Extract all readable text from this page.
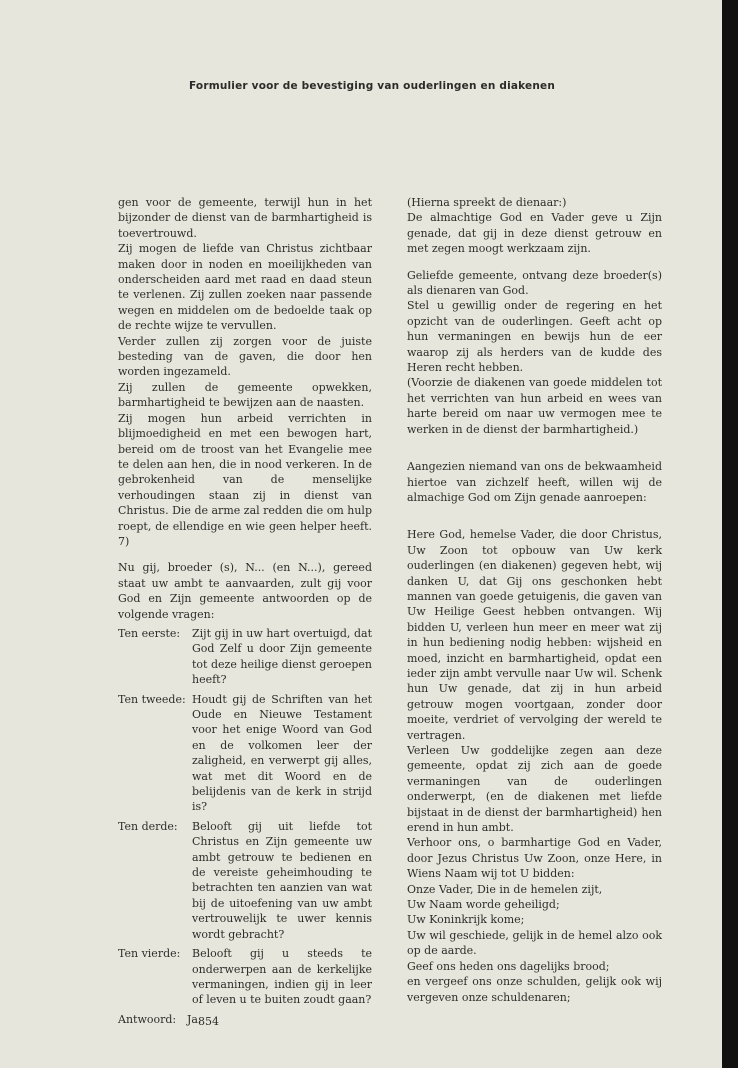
Formulier voor de bevestiging van ouderlingen en diakenen

gen voor de gemeente, terwijl hun in het bijzonder de dienst van de barmhartigheid is toevertrouwd.

Zij mogen de liefde van Christus zichtbaar maken door in noden en moeilijkheden van onderscheiden aard met raad en daad steun te verlenen. Zij zullen zoeken naar passende wegen en middelen om de bedoelde taak op de rechte wijze te vervullen.

Verder zullen zij zorgen voor de juiste besteding van de gaven, die door hen worden ingezameld.

Zij zullen de gemeente opwekken, barmhartigheid te bewijzen aan de naasten.

Zij mogen hun arbeid verrichten in blijmoedigheid en met een bewogen hart, bereid om de troost van het Evangelie mee te delen aan hen, die in nood verkeren. In de gebrokenheid van de menselijke verhoudingen staan zij in dienst van Christus. Die de arme zal redden die om hulp roept, de ellendige en wie geen helper heeft. 7)

Nu gij, broeder (s), N... (en N...), gereed staat uw ambt te aanvaarden, zult gij voor God en Zijn gemeente antwoorden op de volgende vragen:

Ten eerste:	Zijt gij in uw hart overtuigd, dat God Zelf u door Zijn gemeente tot deze heilige dienst geroepen heeft?
Ten tweede: Houdt gij de Schriften van het Oude en Nieuwe Testament voor het enige Woord van God en de volkomen leer der zaligheid, en verwerpt gij alles, wat met dit Woord en de belijdenis van de kerk in strijd is?
Ten derde:	Belooft gij uit liefde tot Christus en Zijn gemeente uw ambt getrouw te bedienen en de vereiste geheimhouding te betrachten ten aanzien van wat bij de uitoefening van uw ambt vertrouwelijk te uwer kennis wordt gebracht?
Ten vierde:	Belooft gij u steeds te onderwerpen aan de kerkelijke vermaningen, indien gij in leer of leven u te buiten zoudt gaan?
Antwoord: Ja.

(Hierna spreekt de dienaar:)

De almachtige God en Vader geve u Zijn genade, dat gij in deze dienst getrouw en met zegen moogt werkzaam zijn.

Geliefde gemeente, ontvang deze broeder(s) als dienaren van God.

Stel u gewillig onder de regering en het opzicht van de ouderlingen. Geeft acht op hun vermaningen en bewijs hun de eer waarop zij als herders van de kudde des Heren recht hebben.

(Voorzie de diakenen van goede middelen tot het verrichten van hun arbeid en wees van harte bereid om naar uw vermogen mee te werken in de dienst der barmhartigheid.)

Aangezien niemand van ons de bekwaamheid hiertoe van zichzelf heeft, willen wij de almachige God om Zijn genade aanroepen:

Here God, hemelse Vader, die door Christus, Uw Zoon tot opbouw van Uw kerk ouderlingen (en diakenen) gegeven hebt, wij danken U, dat Gij ons geschonken hebt mannen van goede getuigenis, die gaven van Uw Heilige Geest hebben ontvangen. Wij bidden U, verleen hun meer en meer wat zij in hun bediening nodig hebben: wijsheid en moed, inzicht en barmhartigheid, opdat een ieder zijn ambt vervulle naar Uw wil. Schenk hun Uw genade, dat zij in hun arbeid getrouw mogen voortgaan, zonder door moeite, verdriet of vervolging der wereld te vertragen.

Verleen Uw goddelijke zegen aan deze gemeente, opdat zij zich aan de goede vermaningen van de ouderlingen onderwerpt, (en de diakenen met liefde bijstaat in de dienst der barmhartigheid) hen erend in hun ambt.

Verhoor ons, o barmhartige God en Vader, door Jezus Christus Uw Zoon, onze Here, in Wiens Naam wij tot U bidden:

Onze Vader, Die in de hemelen zijt,

Uw Naam worde geheiligd;

Uw Koninkrijk kome;

Uw wil geschiede, gelijk in de hemel alzo ook op de aarde.

Geef ons heden ons dagelijks brood;

en vergeef ons onze schulden, gelijk ook wij vergeven onze schuldenaren;

854
